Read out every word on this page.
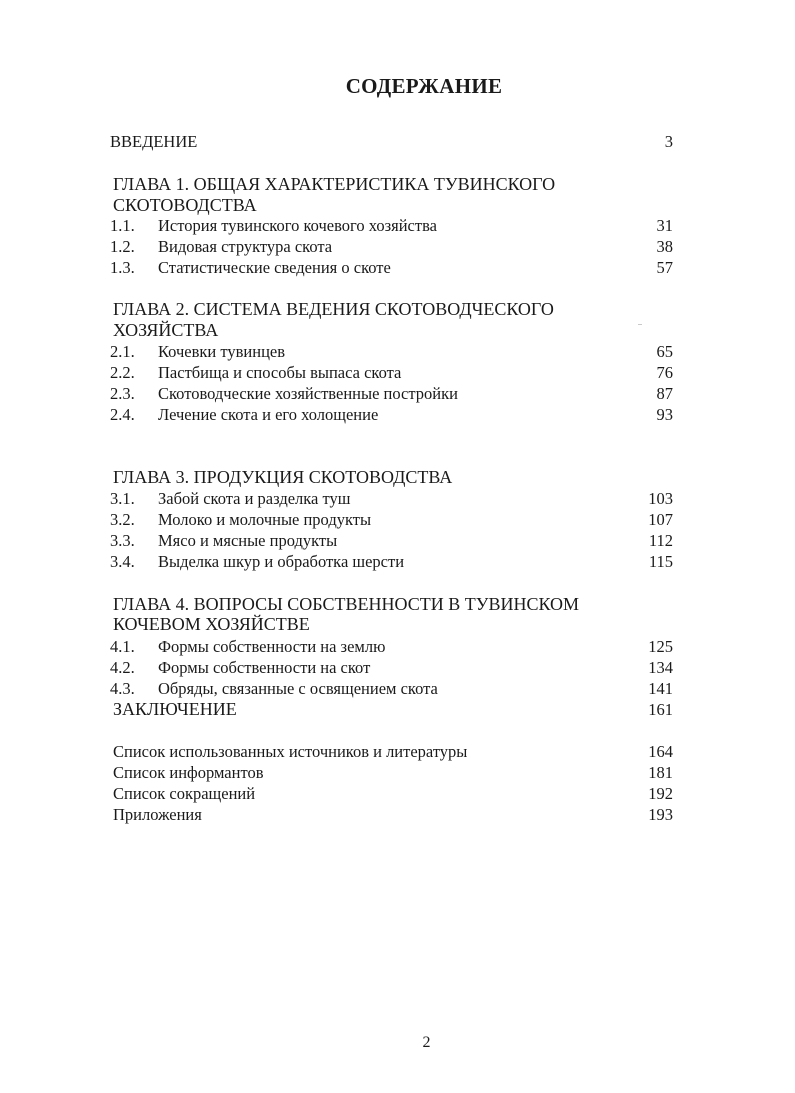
СОДЕРЖАНИЕ
ВВЕДЕНИЕ	3
ГЛАВА 1. ОБЩАЯ ХАРАКТЕРИСТИКА ТУВИНСКОГО
СКОТОВОДСТВА
1.1. История тувинского кочевого хозяйства	31
1.2. Видовая структура скота	38
1.3. Статистические сведения о скоте	57
ГЛАВА 2. СИСТЕМА ВЕДЕНИЯ СКОТОВОДЧЕСКОГО
ХОЗЯЙСТВА
2.1. Кочевки тувинцев	65
2.2. Пастбища и способы выпаса скота	76
2.3. Скотоводческие хозяйственные постройки	87
2.4. Лечение скота и его холощение	93
ГЛАВА 3. ПРОДУКЦИЯ СКОТОВОДСТВА
3.1. Забой скота и разделка туш	103
3.2. Молоко и молочные продукты	107
3.3. Мясо и мясные продукты	112
3.4. Выделка шкур и обработка шерсти	115
ГЛАВА 4. ВОПРОСЫ СОБСТВЕННОСТИ В ТУВИНСКОМ
КОЧЕВОМ ХОЗЯЙСТВЕ
4.1. Формы собственности на землю	125
4.2. Формы собственности на скот	134
4.3. Обряды, связанные с освящением скота	141
ЗАКЛЮЧЕНИЕ	161
Список использованных источников и литературы	164
Список информантов	181
Список сокращений	192
Приложения	193
2
